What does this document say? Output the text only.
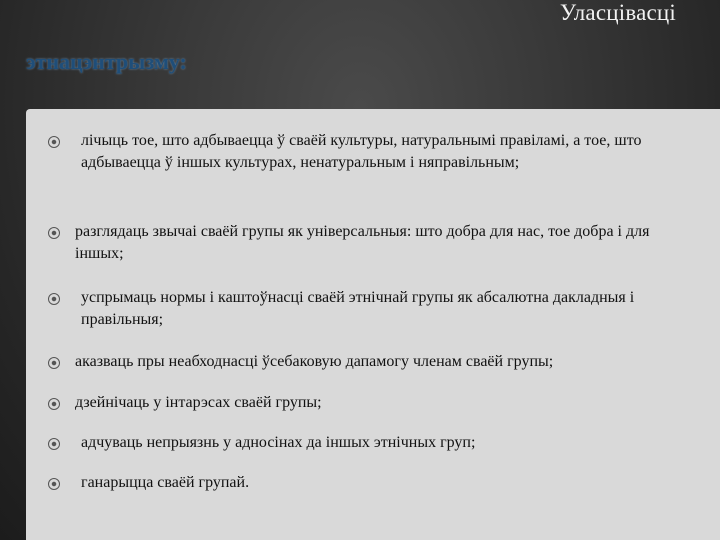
Уласцівасці
этнацэнтрызму:
лічыць тое, што адбываецца ў сваёй культуры, натуральнымі правіламі, а тое, што адбываецца ў іншых культурах, ненатуральным і няправільным;
разглядаць звычаі сваёй групы як універсальныя: што добра для нас, тое добра і для іншых;
успрымаць нормы і каштоўнасці сваёй этнічнай групы як абсалютна дакладныя і правільныя;
аказваць пры неабходнасці ўсебаковую дапамогу членам сваёй групы;
дзейнічаць у інтарэсах сваёй групы;
адчуваць непрыязнь у адносінах да іншых этнічных груп;
ганарыцца сваёй групай.
